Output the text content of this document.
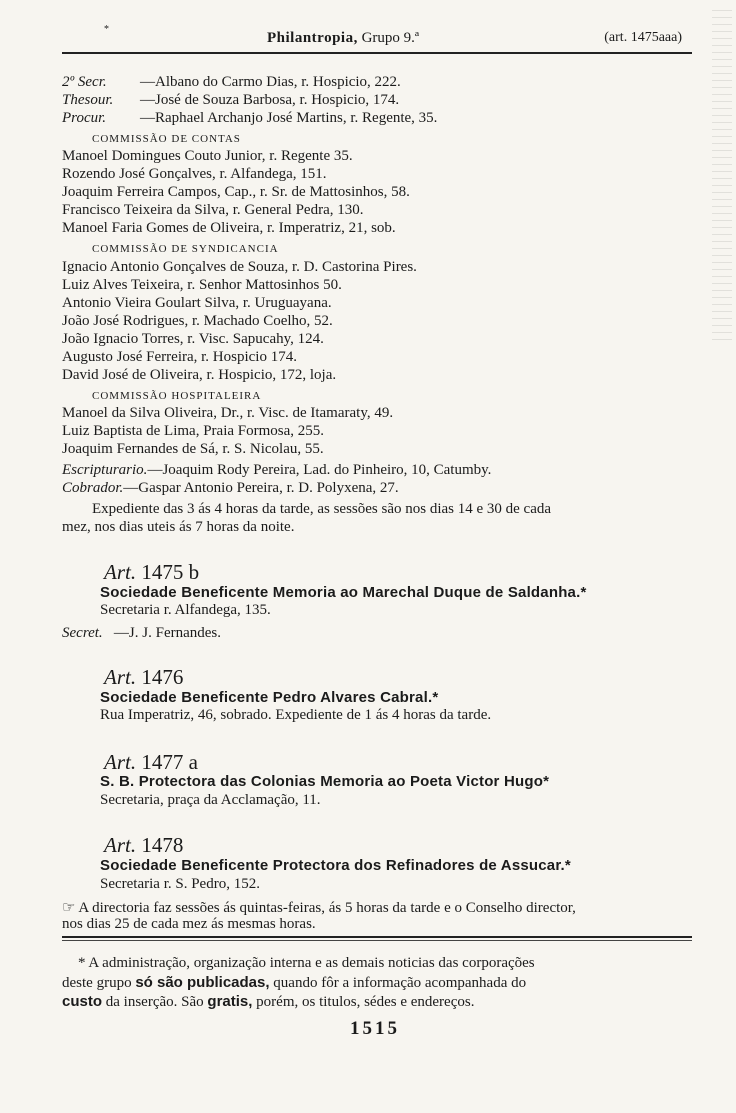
*
Philantropia, Grupo 9.ª	(art. 1475aaa)
2º Secr. —Albano do Carmo Dias, r. Hospicio, 222.
Thesour. —José de Souza Barbosa, r. Hospicio, 174.
Procur. —Raphael Archanjo José Martins, r. Regente, 35.
COMMISSÃO DE CONTAS
Manoel Domingues Couto Junior, r. Regente 35.
Rozendo José Gonçalves, r. Alfandega, 151.
Joaquim Ferreira Campos, Cap., r. Sr. de Mattosinhos, 58.
Francisco Teixeira da Silva, r. General Pedra, 130.
Manoel Faria Gomes de Oliveira, r. Imperatriz, 21, sob.
COMMISSÃO DE SYNDICANCIA
Ignacio Antonio Gonçalves de Souza, r. D. Castorina Pires.
Luiz Alves Teixeira, r. Senhor Mattosinhos 50.
Antonio Vieira Goulart Silva, r. Uruguayana.
João José Rodrigues, r. Machado Coelho, 52.
João Ignacio Torres, r. Visc. Sapucahy, 124.
Augusto José Ferreira, r. Hospicio 174.
David José de Oliveira, r. Hospicio, 172, loja.
COMMISSÃO HOSPITALEIRA
Manoel da Silva Oliveira, Dr., r. Visc. de Itamaraty, 49.
Luiz Baptista de Lima, Praia Formosa, 255.
Joaquim Fernandes de Sá, r. S. Nicolau, 55.
Escripturario.—Joaquim Rody Pereira, Lad. do Pinheiro, 10, Catumby.
Cobrador.—Gaspar Antonio Pereira, r. D. Polyxena, 27.
Expediente das 3 ás 4 horas da tarde, as sessões são nos dias 14 e 30 de cada
mez, nos dias uteis ás 7 horas da noite.
Art. 1475 b
Sociedade Beneficente Memoria ao Marechal Duque de Saldanha.*
Secretaria r. Alfandega, 135.
Secret. —J. J. Fernandes.
Art. 1476
Sociedade Beneficente Pedro Alvares Cabral.*
Rua Imperatriz, 46, sobrado. Expediente de 1 ás 4 horas da tarde.
Art. 1477 a
S. B. Protectora das Colonias Memoria ao Poeta Victor Hugo*
Secretaria, praça da Acclamação, 11.
Art. 1478
Sociedade Beneficente Protectora dos Refinadores de Assucar.*
Secretaria r. S. Pedro, 152.
☞ A directoria faz sessões ás quintas-feiras, ás 5 horas da tarde e o Conselho director,
nos dias 25 de cada mez ás mesmas horas.
* A administração, organização interna e as demais noticias das corporações
deste grupo só são publicadas, quando fôr a informação acompanhada do
custo da inserção. São gratis, porém, os titulos, sédes e endereços.
1515
